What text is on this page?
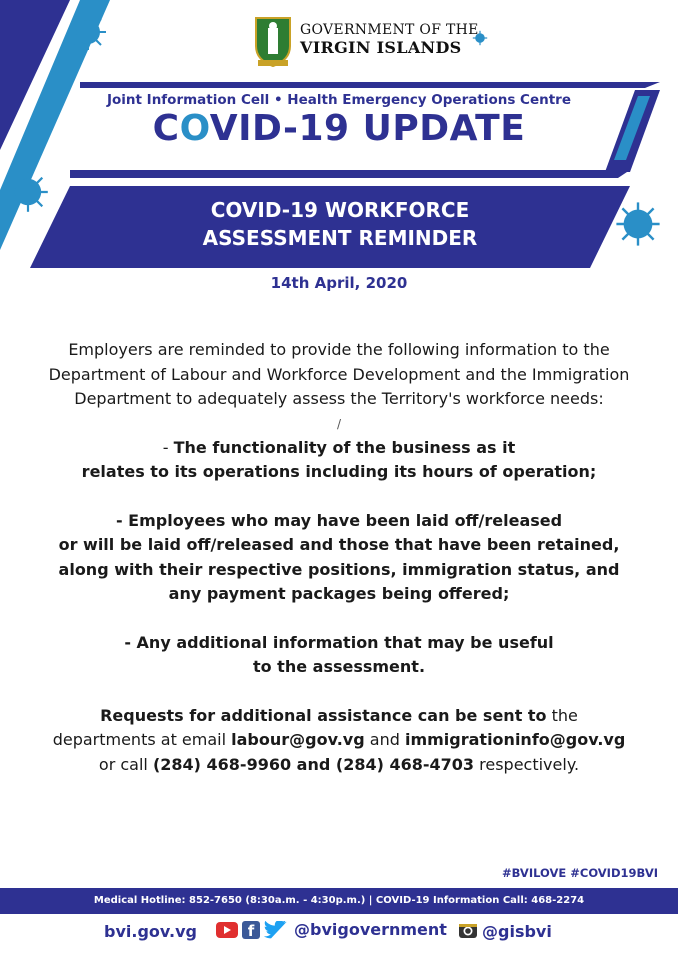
GOVERNMENT OF THE
VIRGIN ISLANDS
Joint Information Cell • Health Emergency Operations Centre
COVID-19 UPDATE
COVID-19 WORKFORCE
ASSESSMENT REMINDER
14th April, 2020

Employers are reminded to provide the following information to the Department of Labour and Workforce Development and the Immigration Department to adequately assess the Territory's workforce needs:

/

- The functionality of the business as it

relates to its operations including its hours of operation;

- Employees who may have been laid off/released

or will be laid off/released and those that have been retained,

along with their respective positions, immigration status, and

any payment packages being offered;

- Any additional information that may be useful

to the assessment.

Requests for additional assistance can be sent to the

departments at email labour@gov.vg and immigrationinfo@gov.vg

or call (284) 468-9960 and (284) 468-4703 respectively.

#BVILOVE #COVID19BVI
Medical Hotline: 852-7650 (8:30a.m. - 4:30p.m.) | COVID-19 Information Call: 468-2274
bvi.gov.vg	f	@bvigovernment @gisbvi
